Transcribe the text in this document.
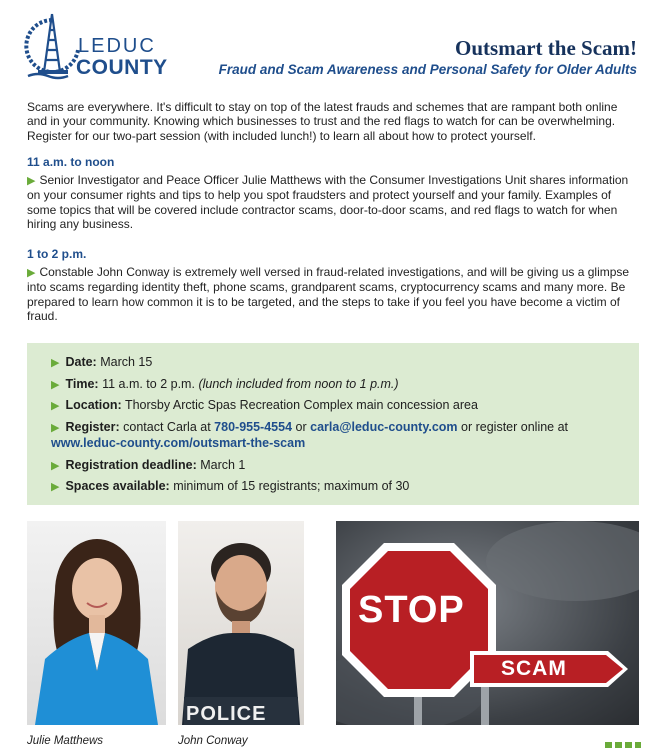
LEDUC
COUNTY
Outsmart the Scam!
Fraud and Scam Awareness and Personal Safety for Older Adults

Scams are everywhere. It's difficult to stay on top of the latest frauds and schemes that are rampant both online and in your community. Knowing which businesses to trust and the red flags to watch for can be overwhelming. Register for our two-part session (with included lunch!) to learn all about how to protect yourself.

11 a.m. to noon

▶ Senior Investigator and Peace Officer Julie Matthews with the Consumer Investigations Unit shares information on your consumer rights and tips to help you spot fraudsters and protect yourself and your family. Examples of some topics that will be covered include contractor scams, door-to-door scams, and red flags to watch for when hiring any business.

1 to 2 p.m.

▶ Constable John Conway is extremely well versed in fraud-related investigations, and will be giving us a glimpse into scams regarding identity theft, phone scams, grandparent scams, cryptocurrency scams and many more. Be prepared to learn how common it is to be targeted, and the steps to take if you feel you have become a victim of fraud.

▶ Date: March 15
▶ Time: 11 a.m. to 2 p.m. (lunch included from noon to 1 p.m.)
▶ Location: Thorsby Arctic Spas Recreation Complex main concession area
▶ Register: contact Carla at 780-955-4554 or carla@leduc-county.com or register online at
www.leduc-county.com/outsmart-the-scam
▶ Registration deadline: March 1
▶ Spaces available: minimum of 15 registrants; maximum of 30
POLICE
STOP
SCAM
Julie Matthews	John Conway
